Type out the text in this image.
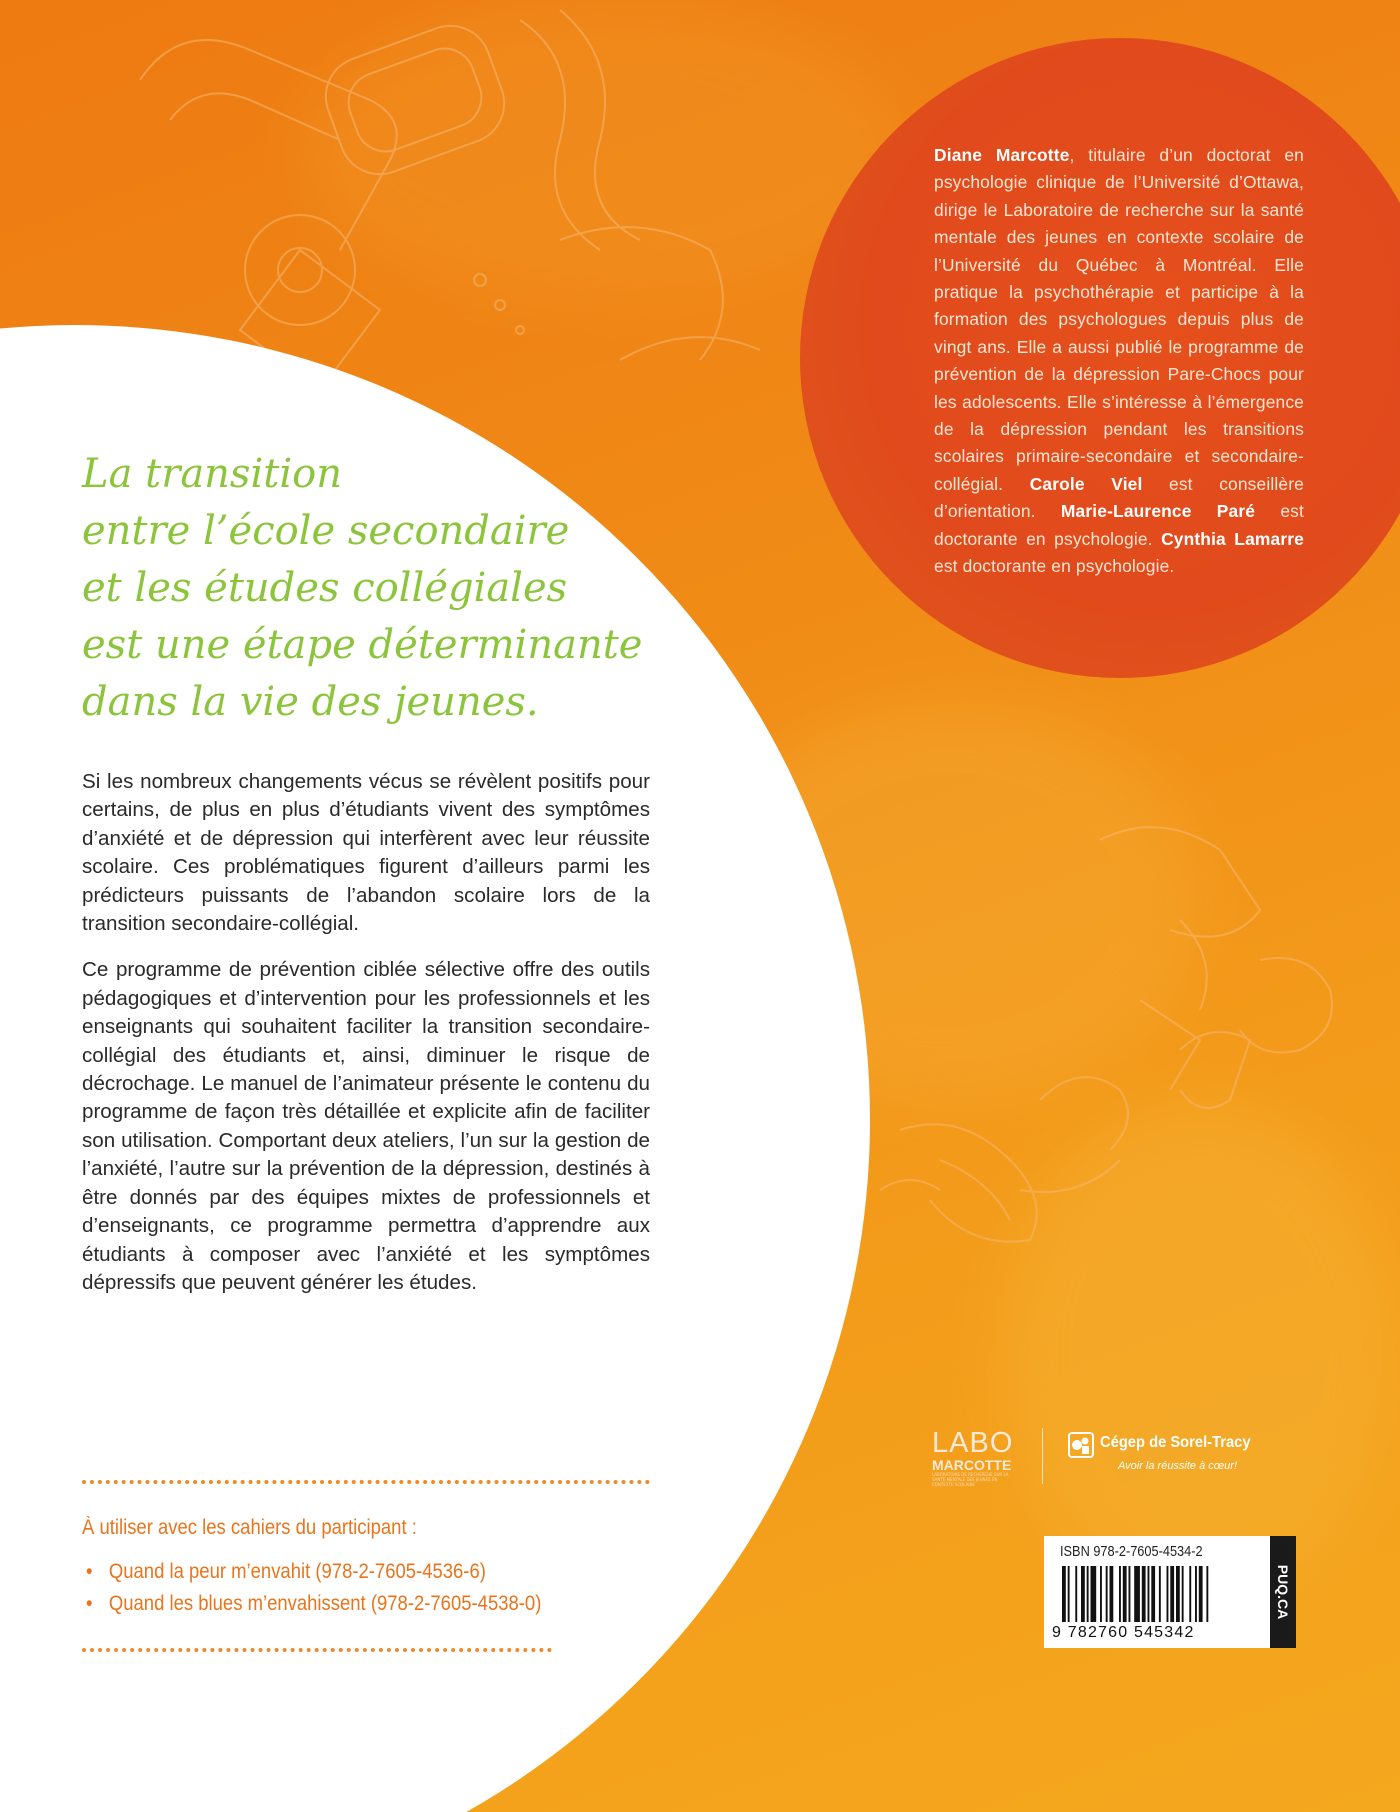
La transition
entre l’école secondaire
et les études collégiales
est une étape déterminante
dans la vie des jeunes.

Si les nombreux changements vécus se révèlent positifs pour certains, de plus en plus d’étudiants vivent des symptômes d’anxiété et de dépression qui interfèrent avec leur réussite scolaire. Ces problématiques figurent d’ailleurs parmi les prédicteurs puissants de l’abandon scolaire lors de la transition secondaire-collégial.

Ce programme de prévention ciblée sélective offre des outils pédagogiques et d’intervention pour les professionnels et les enseignants qui souhaitent faciliter la transition secondaire-collégial des étudiants et, ainsi, diminuer le risque de décrochage. Le manuel de l’animateur présente le contenu du programme de façon très détaillée et explicite afin de faciliter son utilisation. Comportant deux ateliers, l’un sur la gestion de l’anxiété, l’autre sur la prévention de la dépression, destinés à être donnés par des équipes mixtes de professionnels et d’enseignants, ce programme permettra d’apprendre aux étudiants à composer avec l’anxiété et les symptômes dépressifs que peuvent générer les études.

À utiliser avec les cahiers du participant :
• Quand la peur m’envahit (978-2-7605-4536-6)
• Quand les blues m’envahissent (978-2-7605-4538-0)

Diane Marcotte, titulaire d’un doctorat en psychologie clinique de l’Université d’Ottawa, dirige le Laboratoire de recherche sur la santé mentale des jeunes en contexte scolaire de l’Université du Québec à Montréal. Elle pratique la psychothérapie et participe à la formation des psychologues depuis plus de vingt ans. Elle a aussi publié le programme de prévention de la dépression Pare-Chocs pour les adolescents. Elle s’intéresse à l’émergence de la dépression pendant les transitions scolaires primaire-secondaire et secondaire-collégial. Carole Viel est conseillère d’orientation. Marie-Laurence Paré est doctorante en psychologie. Cynthia Lamarre est doctorante en psychologie.

LABO
MARCOTTE
LABORATOIRE DE RECHERCHE SUR LA SANTÉ MENTALE DES JEUNES EN CONTEXTE SCOLAIRE
Cégep de Sorel-Tracy
Avoir la réussite à cœur!
ISBN 978-2-7605-4534-2
9 782760 545342
PUQ.CA
